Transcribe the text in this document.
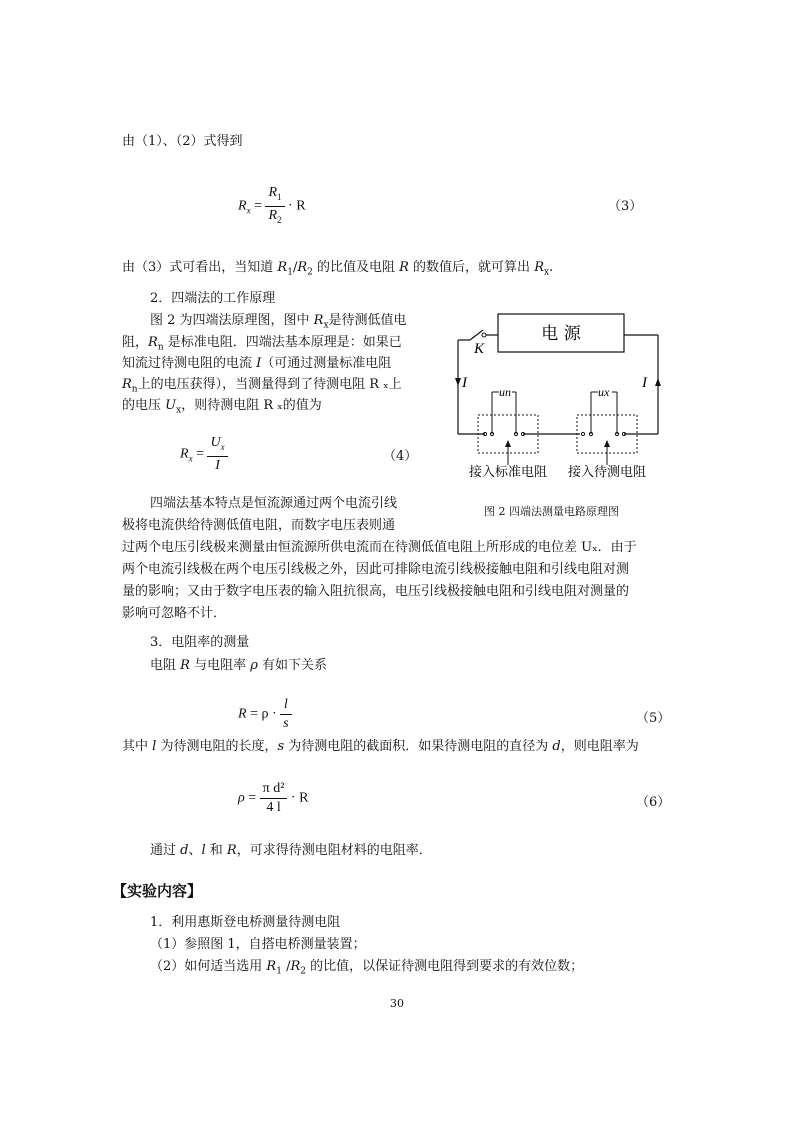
由（1）、（2）式得到
$R_x = \frac{R_1}{R_2} \cdot R$	（3）
由（3）式可看出，当知道 $R_1/R_2$ 的比值及电阻 R 的数值后，就可算出 $R_x$.
2．四端法的工作原理
图 2 为四端法原理图，图中 $R_x$是待测低值电
阻，$R_n$ 是标准电阻．四端法基本原理是：如果已
知流过待测电阻的电流 I（可通过测量标准电阻
$R_n$上的电压获得），当测量得到了待测电阻 R ₓ上
的电压 $U_x$，则待测电阻 R ₓ的值为
$R_x = \frac{U_x}{I}$	（4）
电 源
K
I	I
un
接入标准电阻
ux
接入待测电阻
图 2 四端法测量电路原理图
四端法基本特点是恒流源通过两个电流引线
极将电流供给待测低值电阻，而数字电压表则通
过两个电压引线极来测量由恒流源所供电流而在待测低值电阻上所形成的电位差 Uₓ．由于
两个电流引线极在两个电压引线极之外，因此可排除电流引线极接触电阻和引线电阻对测
量的影响；又由于数字电压表的输入阻抗很高，电压引线极接触电阻和引线电阻对测量的
影响可忽略不计．
3．电阻率的测量
电阻 R 与电阻率 ρ 有如下关系
$R = \rho \cdot \frac{l}{s}$	（5）
其中 l 为待测电阻的长度，s 为待测电阻的截面积．如果待测电阻的直径为 d，则电阻率为
$\rho = \frac{\text{π d²}}{4 l} \cdot R$	（6）
通过 d、l 和 R，可求得待测电阻材料的电阻率．
【实验内容】
1．利用惠斯登电桥测量待测电阻
（1）参照图 1，自搭电桥测量装置；
（2）如何适当选用 $R_1$ $/R_2$ 的比值，以保证待测电阻得到要求的有效位数；
30
